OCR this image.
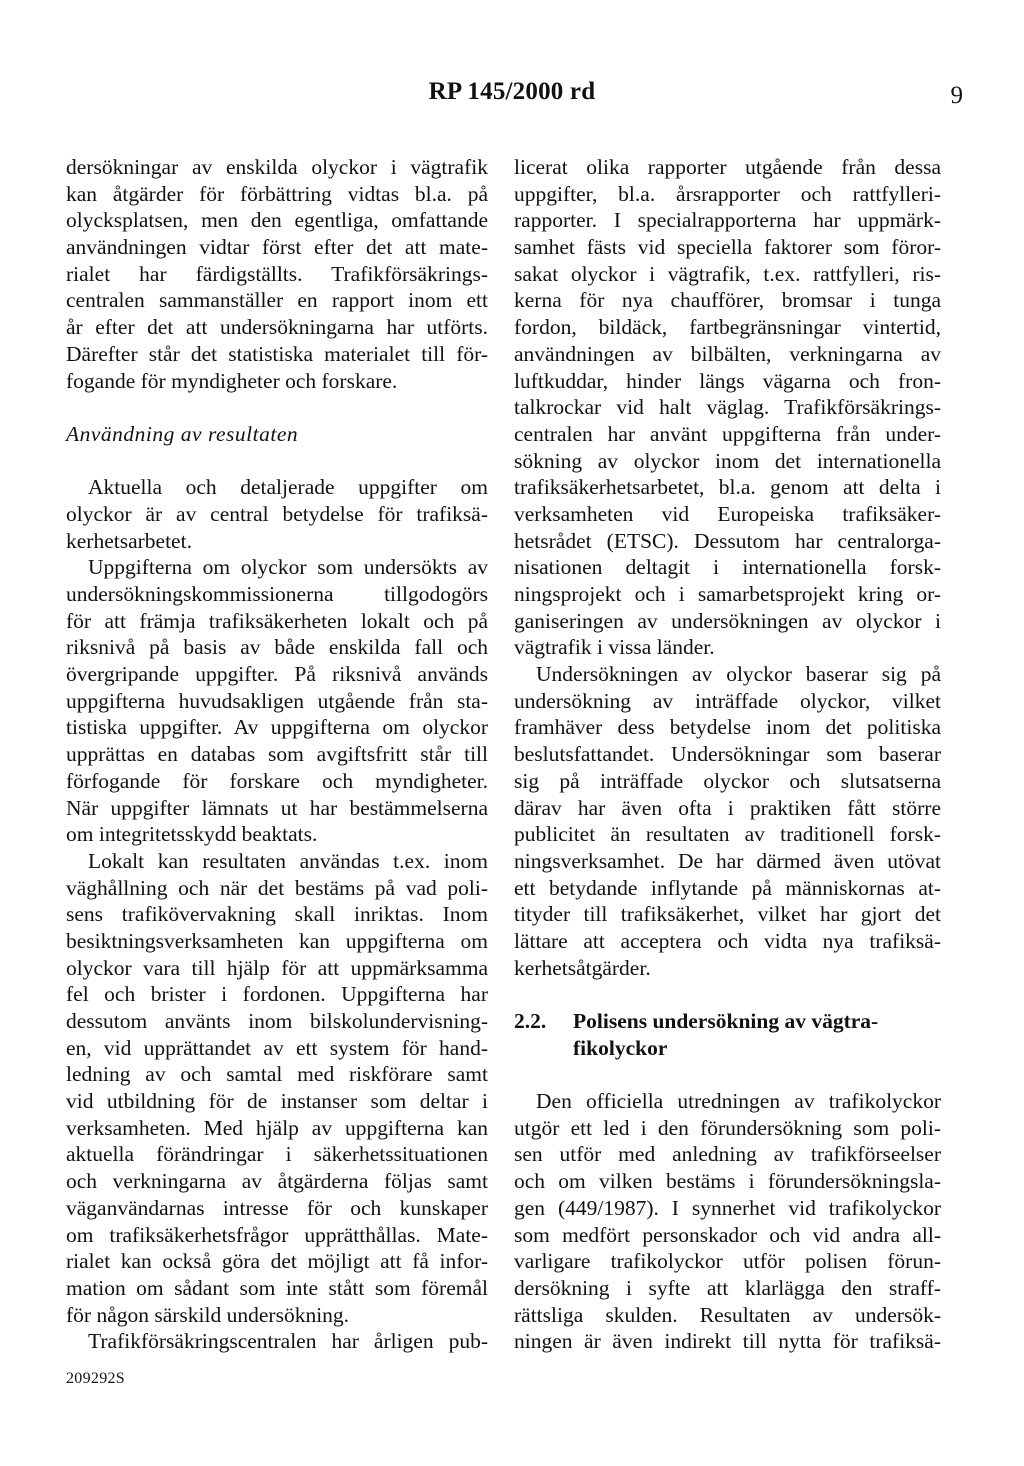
RP 145/2000 rd	9
dersökningar av enskilda olyckor i vägtrafik
kan åtgärder för förbättring vidtas bl.a. på
olycksplatsen, men den egentliga, omfattande
användningen vidtar först efter det att mate-
rialet har färdigställts. Trafikförsäkrings-
centralen sammanställer en rapport inom ett
år efter det att undersökningarna har utförts.
Därefter står det statistiska materialet till för-
fogande för myndigheter och forskare.
Användning av resultaten
Aktuella och detaljerade uppgifter om
olyckor är av central betydelse för trafiksä-
kerhetsarbetet.
Uppgifterna om olyckor som undersökts av
undersökningskommissionerna tillgodogörs
för att främja trafiksäkerheten lokalt och på
riksnivå på basis av både enskilda fall och
övergripande uppgifter. På riksnivå används
uppgifterna huvudsakligen utgående från sta-
tistiska uppgifter. Av uppgifterna om olyckor
upprättas en databas som avgiftsfritt står till
förfogande för forskare och myndigheter.
När uppgifter lämnats ut har bestämmelserna
om integritetsskydd beaktats.
Lokalt kan resultaten användas t.ex. inom
väghållning och när det bestäms på vad poli-
sens trafikövervakning skall inriktas. Inom
besiktningsverksamheten kan uppgifterna om
olyckor vara till hjälp för att uppmärksamma
fel och brister i fordonen. Uppgifterna har
dessutom använts inom bilskolundervisning-
en, vid upprättandet av ett system för hand-
ledning av och samtal med riskförare samt
vid utbildning för de instanser som deltar i
verksamheten. Med hjälp av uppgifterna kan
aktuella förändringar i säkerhetssituationen
och verkningarna av åtgärderna följas samt
väganvändarnas intresse för och kunskaper
om trafiksäkerhetsfrågor upprätthållas. Mate-
rialet kan också göra det möjligt att få infor-
mation om sådant som inte stått som föremål
för någon särskild undersökning.
Trafikförsäkringscentralen har årligen pub-
licerat olika rapporter utgående från dessa
uppgifter, bl.a. årsrapporter och rattfylleri-
rapporter. I specialrapporterna har uppmärk-
samhet fästs vid speciella faktorer som föror-
sakat olyckor i vägtrafik, t.ex. rattfylleri, ris-
kerna för nya chaufförer, bromsar i tunga
fordon, bildäck, fartbegränsningar vintertid,
användningen av bilbälten, verkningarna av
luftkuddar, hinder längs vägarna och fron-
talkrockar vid halt väglag. Trafikförsäkrings-
centralen har använt uppgifterna från under-
sökning av olyckor inom det internationella
trafiksäkerhetsarbetet, bl.a. genom att delta i
verksamheten vid Europeiska trafiksäker-
hetsrådet (ETSC). Dessutom har centralorga-
nisationen deltagit i internationella forsk-
ningsprojekt och i samarbetsprojekt kring or-
ganiseringen av undersökningen av olyckor i
vägtrafik i vissa länder.
Undersökningen av olyckor baserar sig på
undersökning av inträffade olyckor, vilket
framhäver dess betydelse inom det politiska
beslutsfattandet. Undersökningar som baserar
sig på inträffade olyckor och slutsatserna
därav har även ofta i praktiken fått större
publicitet än resultaten av traditionell forsk-
ningsverksamhet. De har därmed även utövat
ett betydande inflytande på människornas at-
tityder till trafiksäkerhet, vilket har gjort det
lättare att acceptera och vidta nya trafiksä-
kerhetsåtgärder.
2.2.	Polisens undersökning av vägtra-
fikolyckor
Den officiella utredningen av trafikolyckor
utgör ett led i den förundersökning som poli-
sen utför med anledning av trafikförseelser
och om vilken bestäms i förundersökningsla-
gen (449/1987). I synnerhet vid trafikolyckor
som medfört personskador och vid andra all-
varligare trafikolyckor utför polisen förun-
dersökning i syfte att klarlägga den straff-
rättsliga skulden. Resultaten av undersök-
ningen är även indirekt till nytta för trafiksä-
209292S
